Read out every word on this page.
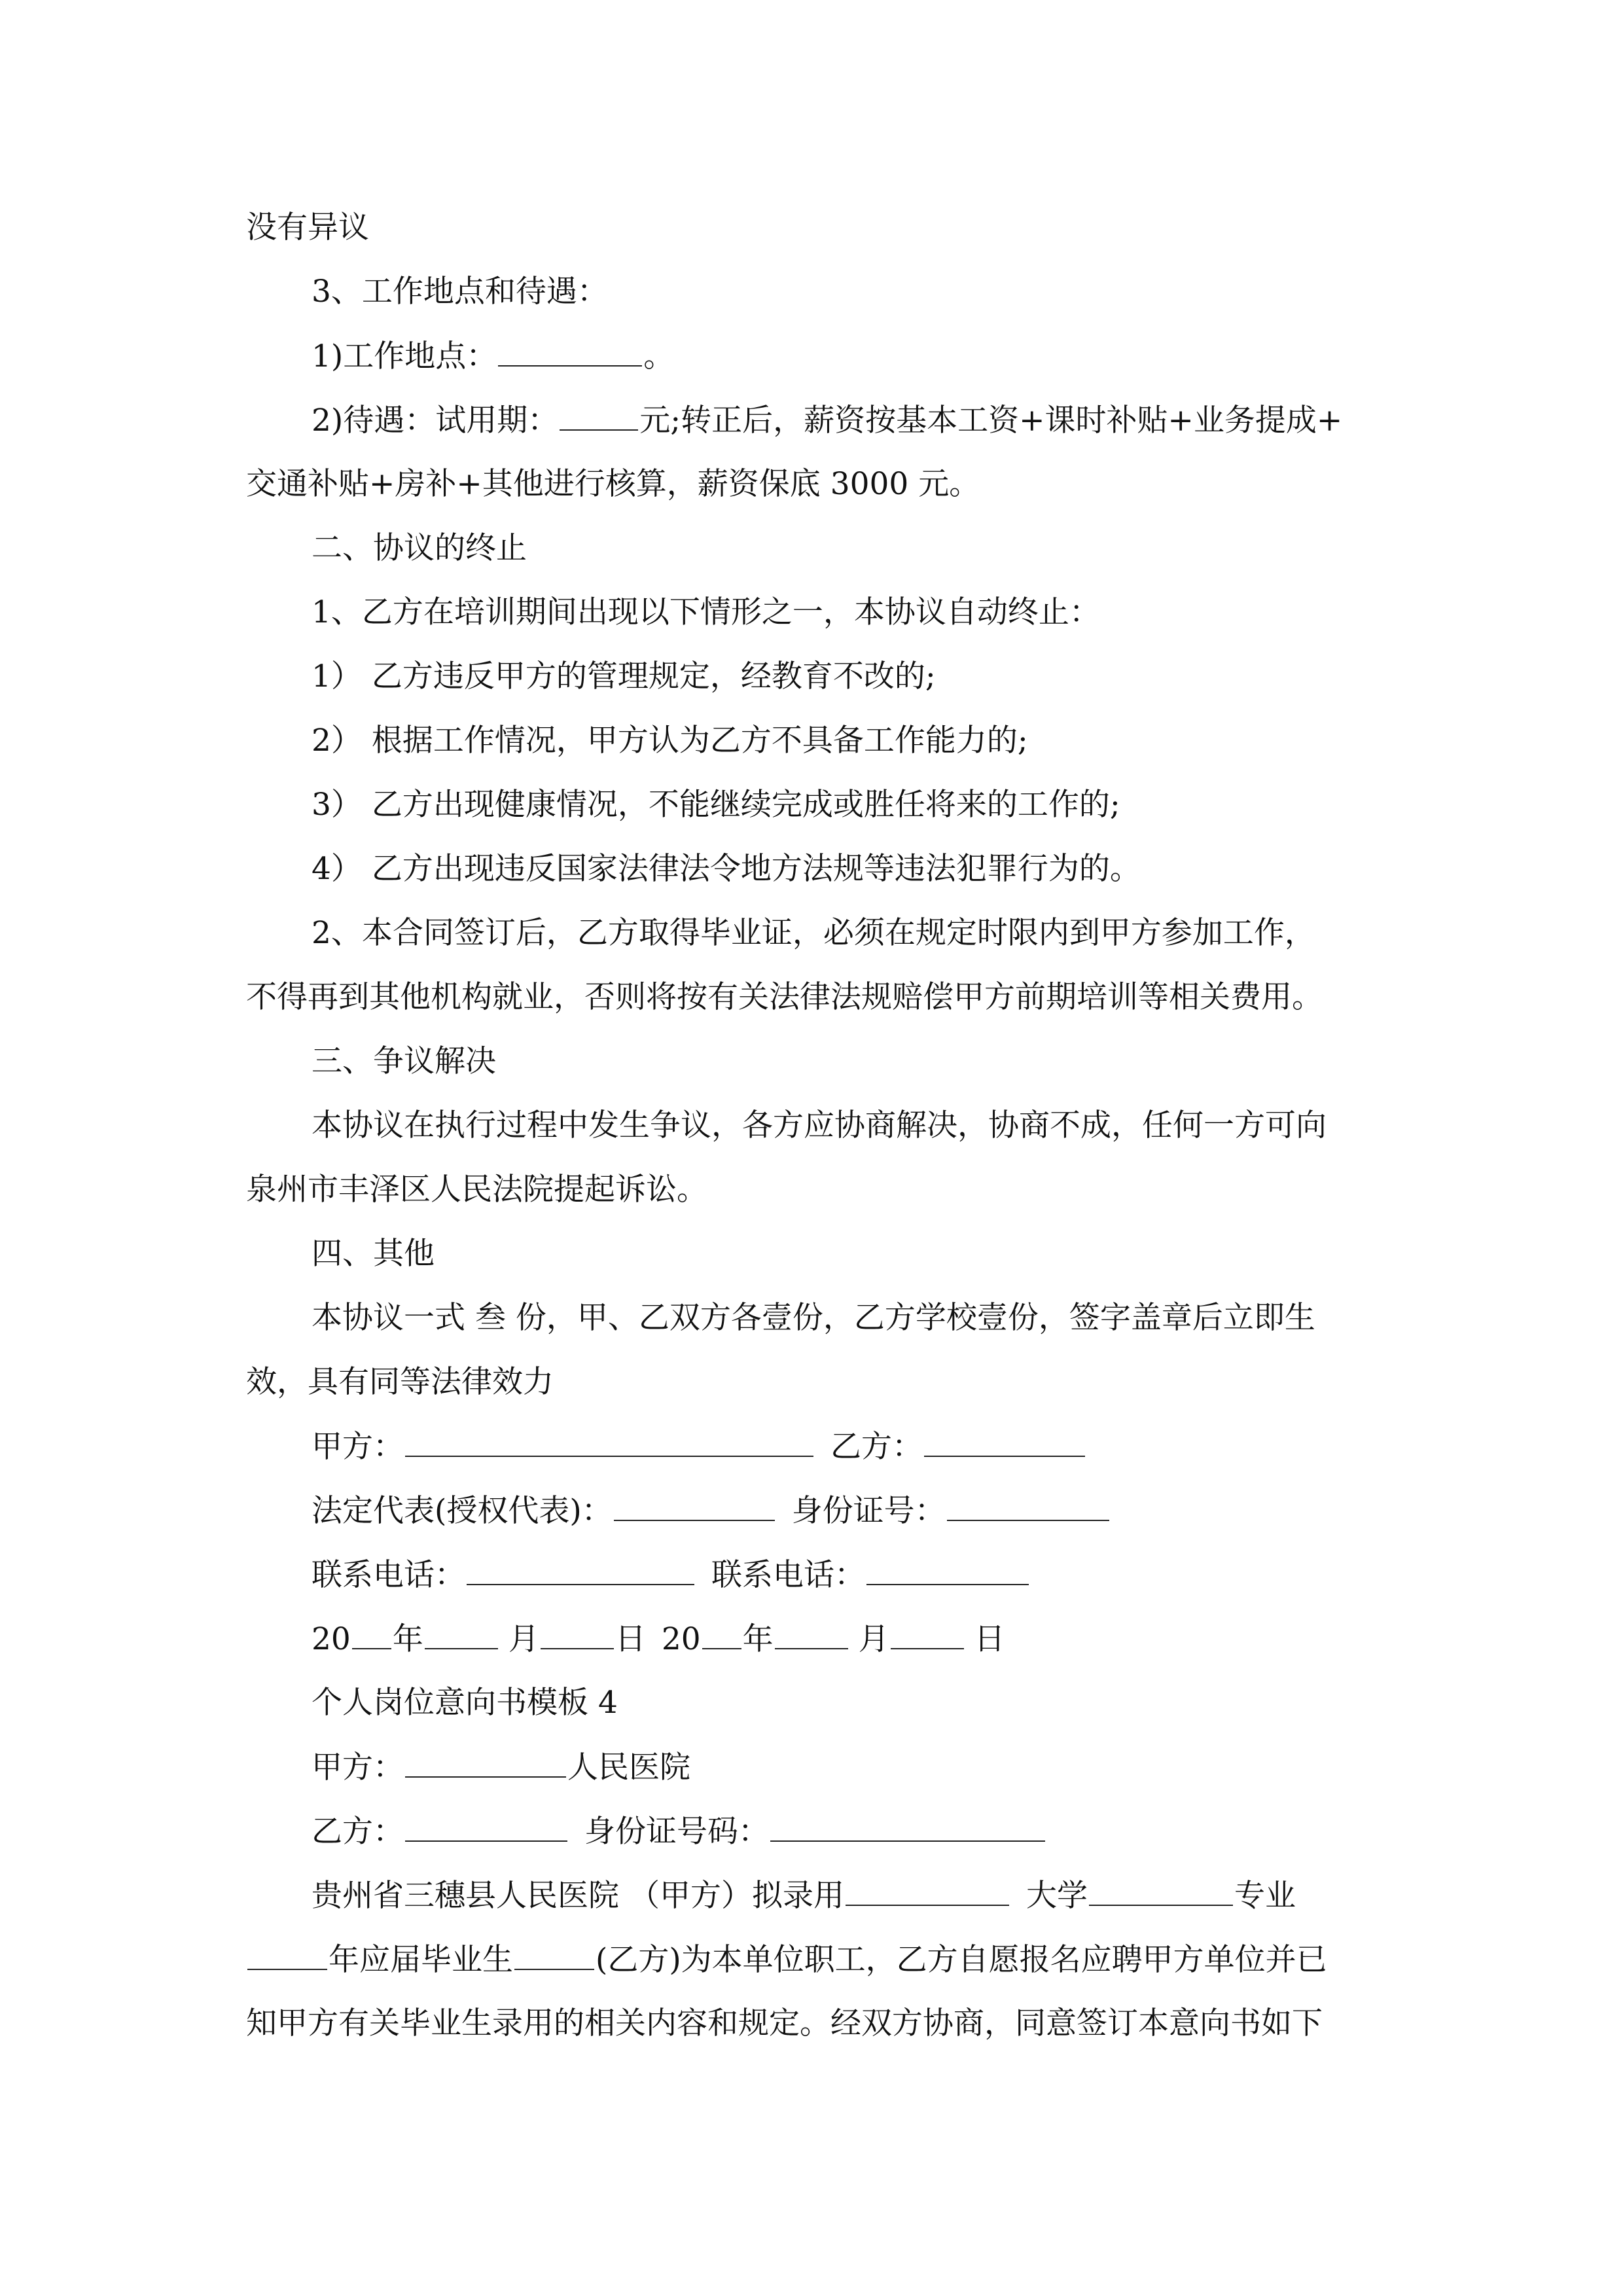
没有异议
3、工作地点和待遇：
1)工作地点：	。
2)待遇：试用期：	元;转正后，薪资按基本工资+课时补贴+业务提成+
交通补贴+房补+其他进行核算，薪资保底 3000 元。
二、协议的终止
1、乙方在培训期间出现以下情形之一，本协议自动终止：
1） 乙方违反甲方的管理规定，经教育不改的;
2） 根据工作情况，甲方认为乙方不具备工作能力的;
3） 乙方出现健康情况，不能继续完成或胜任将来的工作的;
4） 乙方出现违反国家法律法令地方法规等违法犯罪行为的。
2、本合同签订后，乙方取得毕业证，必须在规定时限内到甲方参加工作，
不得再到其他机构就业，否则将按有关法律法规赔偿甲方前期培训等相关费用。
三、争议解决
本协议在执行过程中发生争议，各方应协商解决，协商不成，任何一方可向
泉州市丰泽区人民法院提起诉讼。
四、其他
本协议一式 叁 份，甲、乙双方各壹份，乙方学校壹份，签字盖章后立即生
效，具有同等法律效力
甲方：	乙方：
法定代表(授权代表)：	身份证号：
联系电话：	联系电话：
20 年	月 日 20 年	月	日
个人岗位意向书模板 4
甲方：	人民医院
乙方：	身份证号码：
贵州省三穗县人民医院 （甲方）拟录用	大学	专业
年应届毕业生	(乙方)为本单位职工，乙方自愿报名应聘甲方单位并已
知甲方有关毕业生录用的相关内容和规定。经双方协商，同意签订本意向书如下
